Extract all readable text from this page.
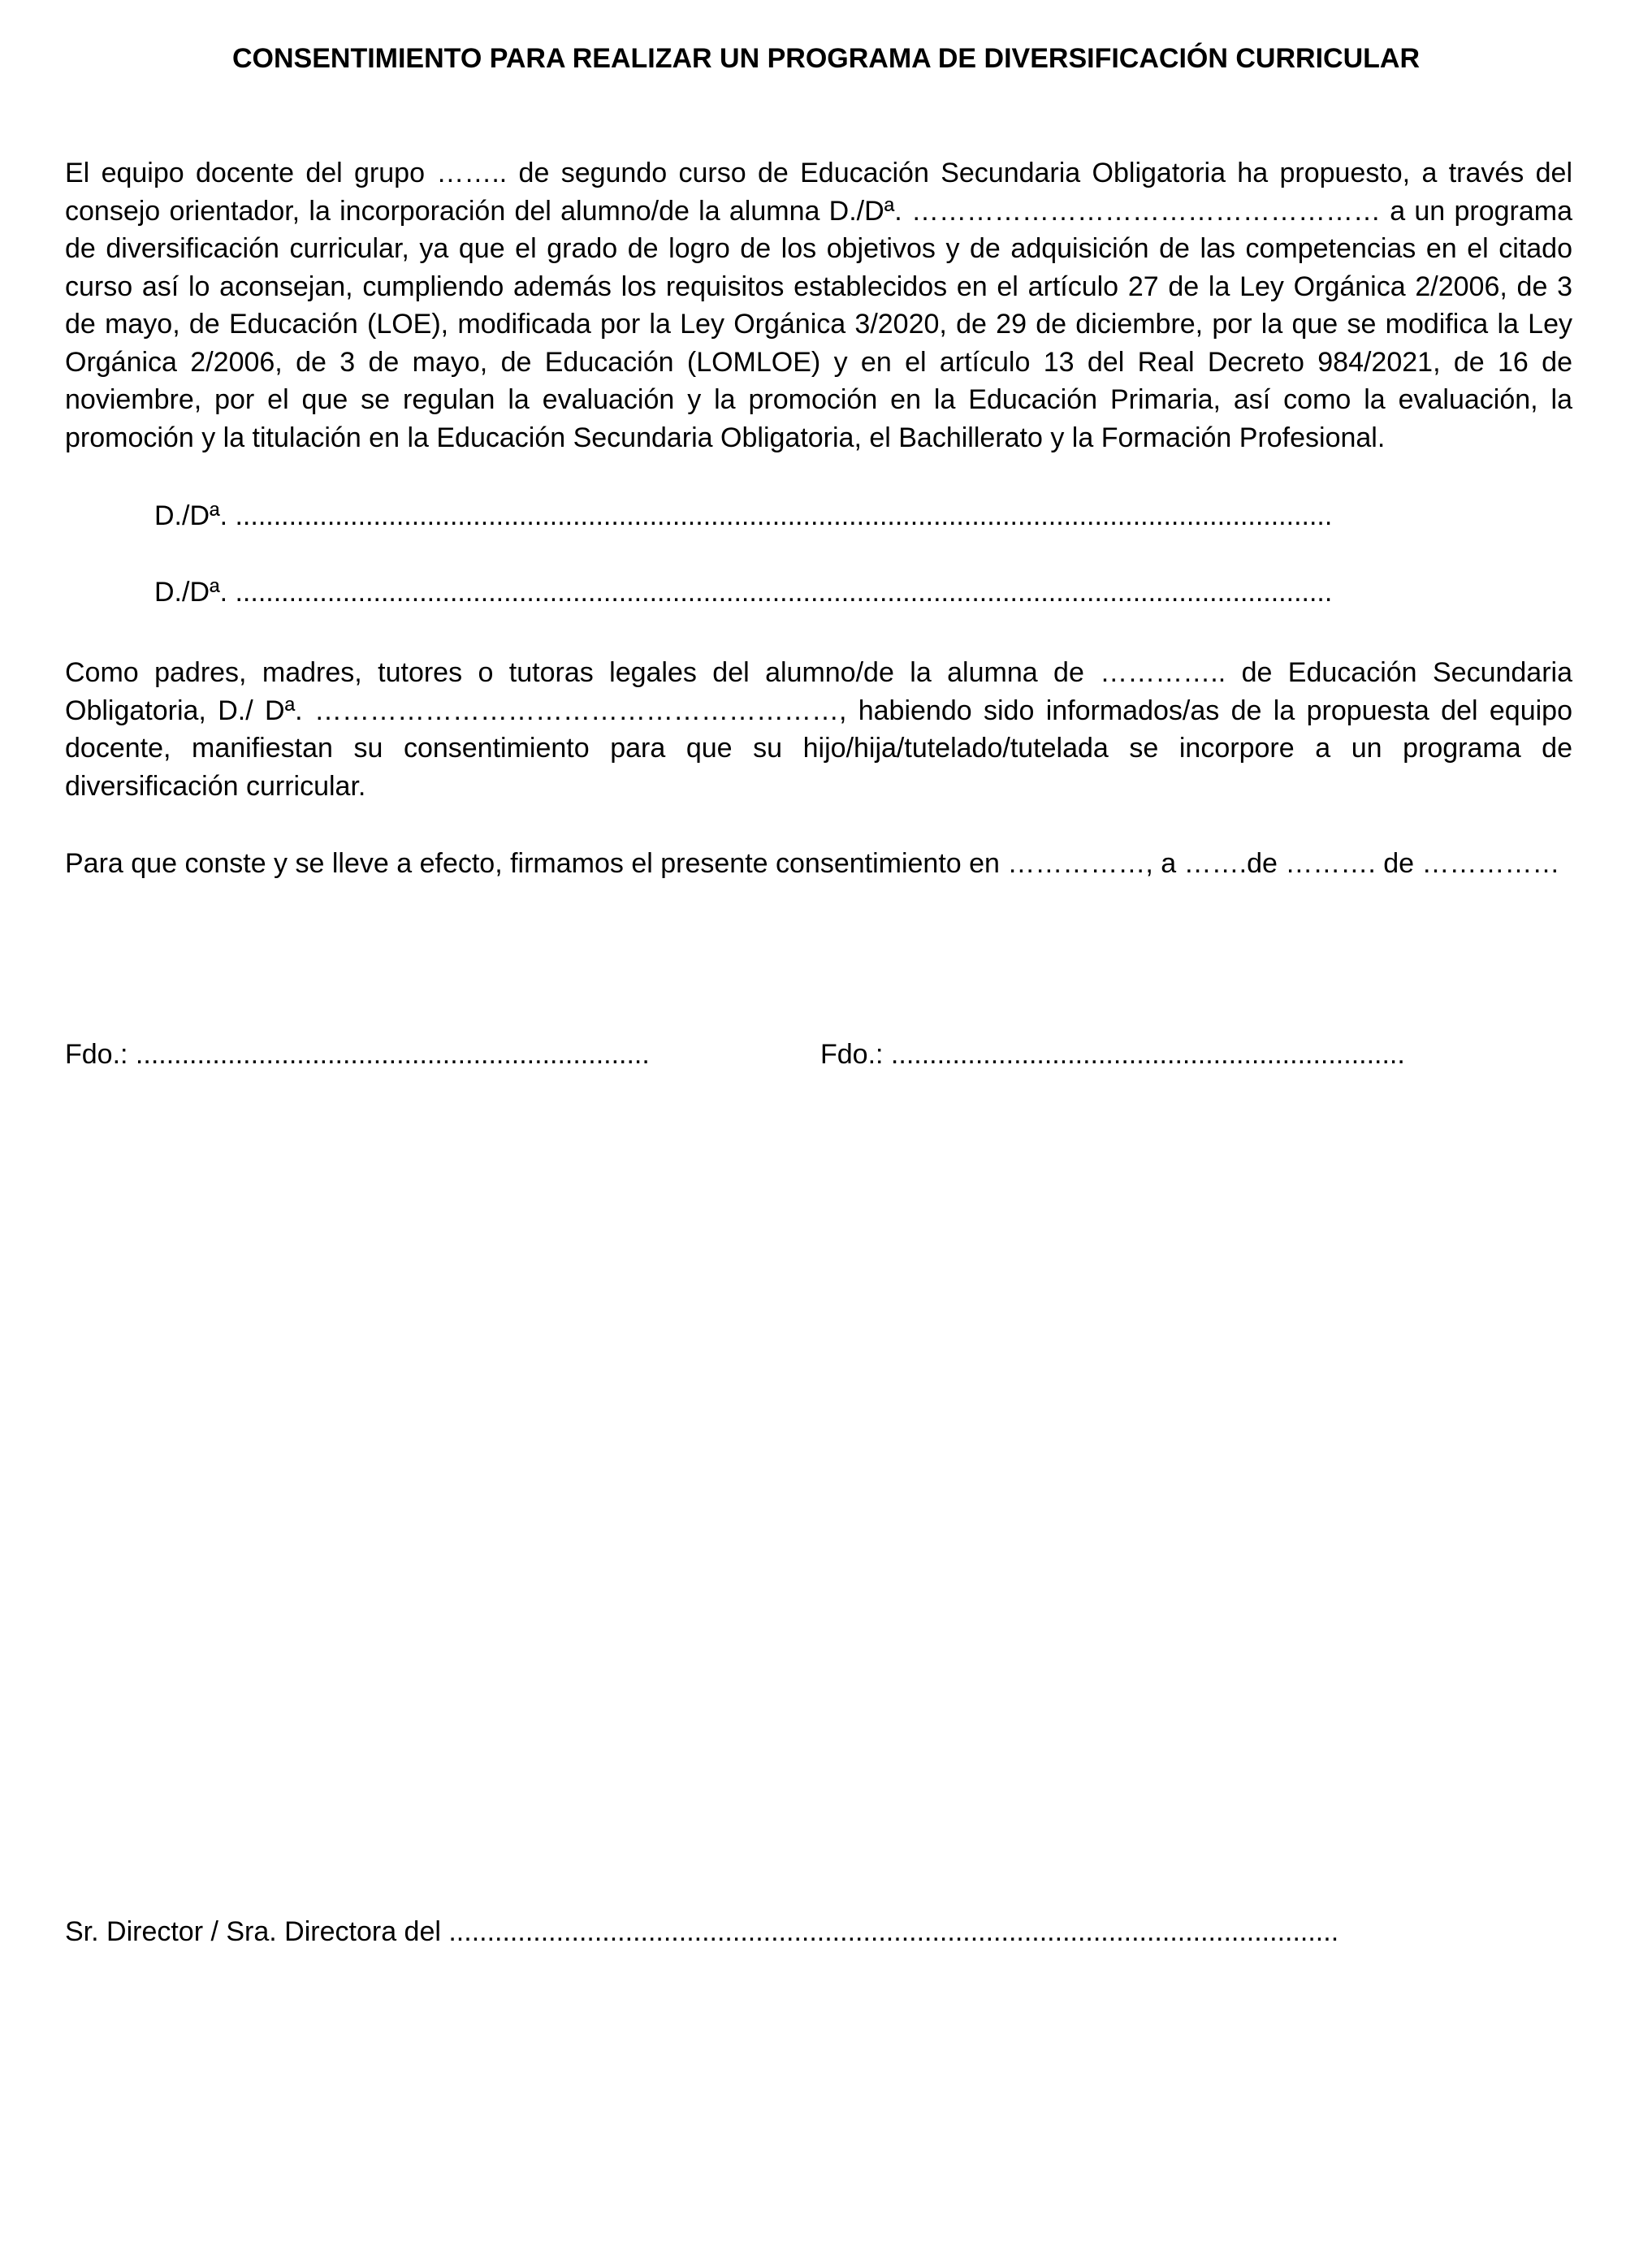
CONSENTIMIENTO PARA REALIZAR UN PROGRAMA DE DIVERSIFICACIÓN CURRICULAR
El equipo docente del grupo …….. de segundo curso de Educación Secundaria Obligatoria ha propuesto, a través del consejo orientador, la incorporación del alumno/de la alumna D./Dª. …………………………………………… a un programa de diversificación curricular, ya que el grado de logro de los objetivos y de adquisición de las competencias en el citado curso así lo aconsejan, cumpliendo además los requisitos establecidos en el artículo 27 de la Ley Orgánica 2/2006, de 3 de mayo, de Educación (LOE), modificada por la Ley Orgánica 3/2020, de 29 de diciembre, por la que se modifica la Ley Orgánica 2/2006, de 3 de mayo, de Educación (LOMLOE) y en el artículo 13 del Real Decreto 984/2021, de 16 de noviembre, por el que se regulan la evaluación y la promoción en la Educación Primaria, así como la evaluación, la promoción y la titulación en la Educación Secundaria Obligatoria, el Bachillerato y la Formación Profesional.
D./Dª. ...............................................................................................................................................
D./Dª. ...............................................................................................................................................
Como padres, madres, tutores o tutoras legales del alumno/de la alumna de ………….. de Educación Secundaria Obligatoria, D./ Dª. …………………………………………………, habiendo sido informados/as de la propuesta del equipo docente, manifiestan su consentimiento para que su hijo/hija/tutelado/tutelada se incorpore a un programa de diversificación curricular.
Para que conste y se lleve a efecto, firmamos el presente consentimiento en ……………, a …….de ………. de ……………
Fdo.: ...................................................................	Fdo.: ...................................................................
Sr. Director / Sra. Directora del ....................................................................................................................
